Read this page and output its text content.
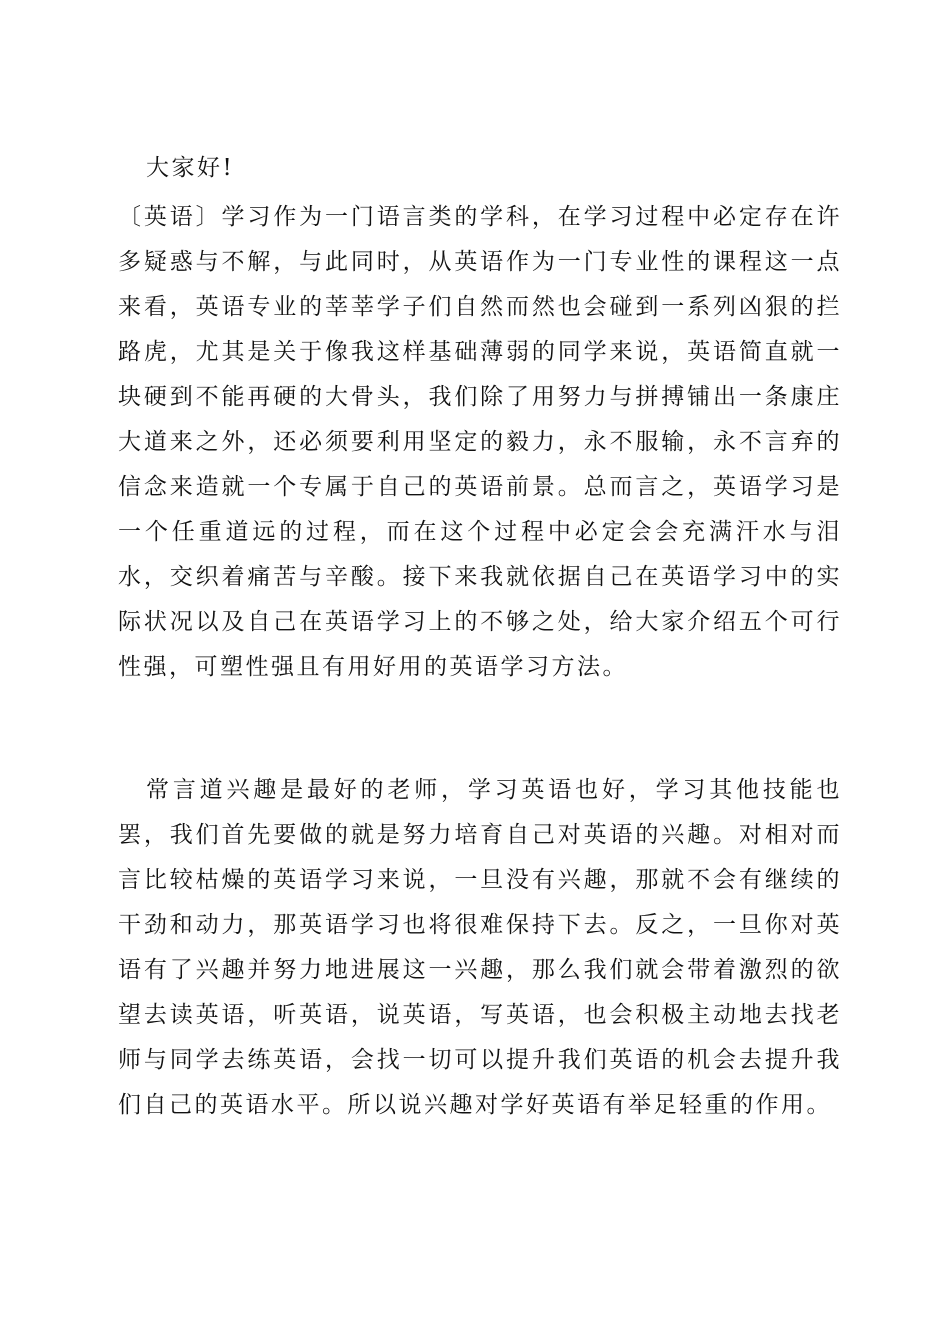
大家好!

〔英语〕学习作为一门语言类的学科，在学习过程中必定存在许多疑惑与不解，与此同时，从英语作为一门专业性的课程这一点来看，英语专业的莘莘学子们自然而然也会碰到一系列凶狠的拦路虎，尤其是关于像我这样基础薄弱的同学来说，英语简直就一块硬到不能再硬的大骨头，我们除了用努力与拼搏铺出一条康庄大道来之外，还必须要利用坚定的毅力，永不服输，永不言弃的信念来造就一个专属于自己的英语前景。总而言之，英语学习是一个任重道远的过程，而在这个过程中必定会会充满汗水与泪水，交织着痛苦与辛酸。接下来我就依据自己在英语学习中的实际状况以及自己在英语学习上的不够之处，给大家介绍五个可行性强，可塑性强且有用好用的英语学习方法。

常言道兴趣是最好的老师，学习英语也好，学习其他技能也罢，我们首先要做的就是努力培育自己对英语的兴趣。对相对而言比较枯燥的英语学习来说，一旦没有兴趣，那就不会有继续的干劲和动力，那英语学习也将很难保持下去。反之，一旦你对英语有了兴趣并努力地进展这一兴趣，那么我们就会带着激烈的欲望去读英语，听英语，说英语，写英语，也会积极主动地去找老师与同学去练英语，会找一切可以提升我们英语的机会去提升我们自己的英语水平。所以说兴趣对学好英语有举足轻重的作用。
